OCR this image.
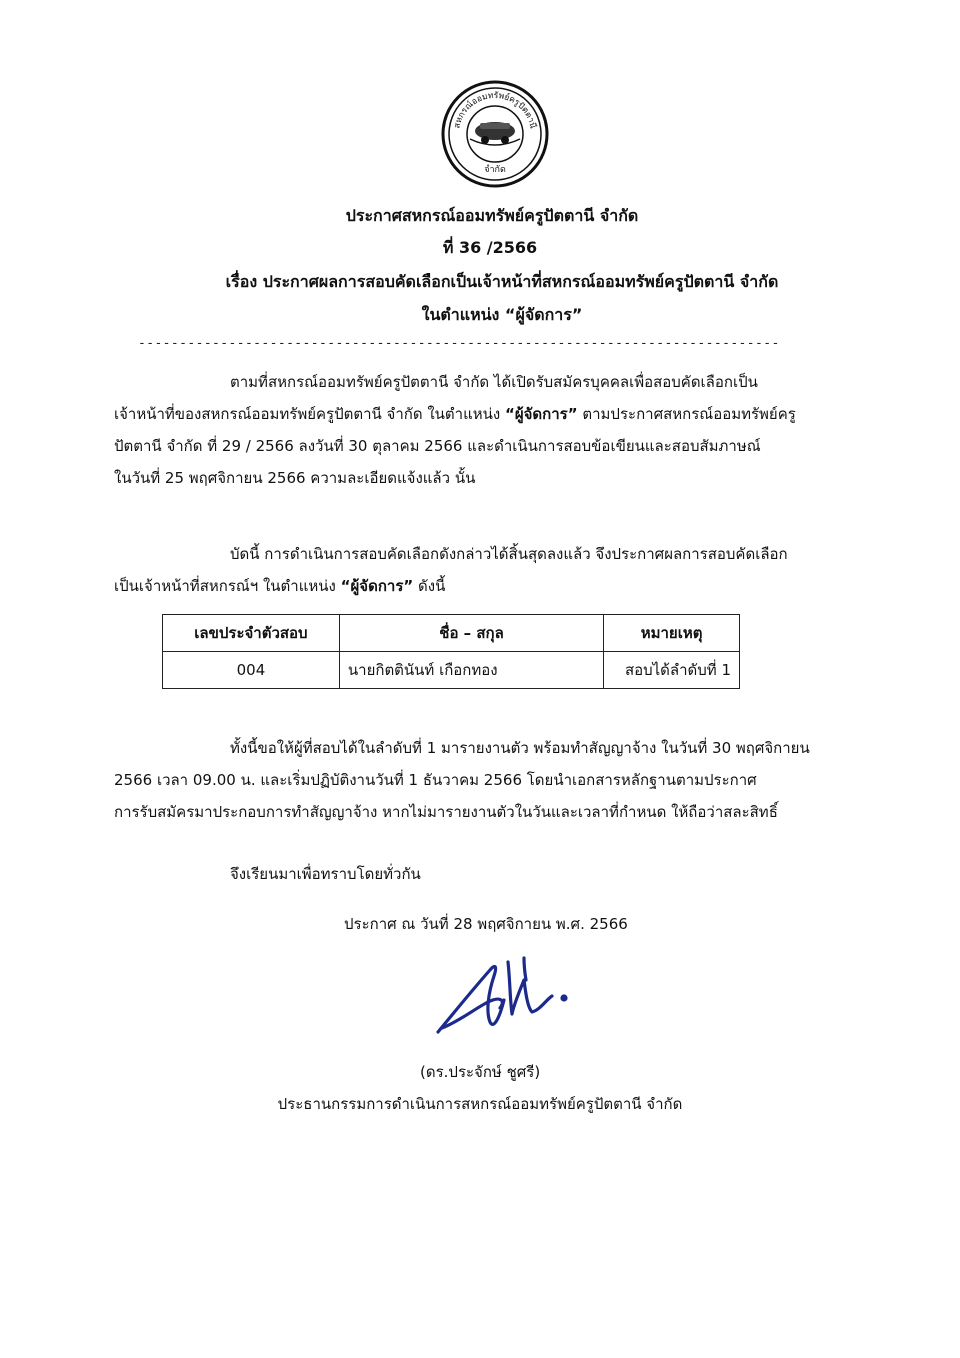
สหกรณ์ออมทรัพย์ครูปัตตานี
จำกัด
ประกาศสหกรณ์ออมทรัพย์ครูปัตตานี จำกัด
ที่ 36 /2566
เรื่อง ประกาศผลการสอบคัดเลือกเป็นเจ้าหน้าที่สหกรณ์ออมทรัพย์ครูปัตตานี จำกัด
ในตำแหน่ง “ผู้จัดการ”
------------------------------------------------------------------------------
ตามที่สหกรณ์ออมทรัพย์ครูปัตตานี จำกัด ได้เปิดรับสมัครบุคคลเพื่อสอบคัดเลือกเป็น
เจ้าหน้าที่ของสหกรณ์ออมทรัพย์ครูปัตตานี จำกัด ในตำแหน่ง “ผู้จัดการ” ตามประกาศสหกรณ์ออมทรัพย์ครู
ปัตตานี จำกัด ที่ 29 / 2566 ลงวันที่ 30 ตุลาคม 2566 และดำเนินการสอบข้อเขียนและสอบสัมภาษณ์
ในวันที่ 25 พฤศจิกายน 2566 ความละเอียดแจ้งแล้ว นั้น
บัดนี้ การดำเนินการสอบคัดเลือกดังกล่าวได้สิ้นสุดลงแล้ว จึงประกาศผลการสอบคัดเลือก
เป็นเจ้าหน้าที่สหกรณ์ฯ ในตำแหน่ง “ผู้จัดการ” ดังนี้
เลขประจำตัวสอบ	ชื่อ – สกุล	หมายเหตุ
004	นายกิตตินันท์ เกือกทอง	สอบได้ลำดับที่ 1
ทั้งนี้ขอให้ผู้ที่สอบได้ในลำดับที่ 1 มารายงานตัว พร้อมทำสัญญาจ้าง ในวันที่ 30 พฤศจิกายน
2566 เวลา 09.00 น. และเริ่มปฏิบัติงานวันที่ 1 ธันวาคม 2566 โดยนำเอกสารหลักฐานตามประกาศ
การรับสมัครมาประกอบการทำสัญญาจ้าง หากไม่มารายงานตัวในวันและเวลาที่กำหนด ให้ถือว่าสละสิทธิ์
จึงเรียนมาเพื่อทราบโดยทั่วกัน
ประกาศ ณ วันที่ 28 พฤศจิกายน พ.ศ. 2566
(ดร.ประจักษ์ ชูศรี)
ประธานกรรมการดำเนินการสหกรณ์ออมทรัพย์ครูปัตตานี จำกัด
